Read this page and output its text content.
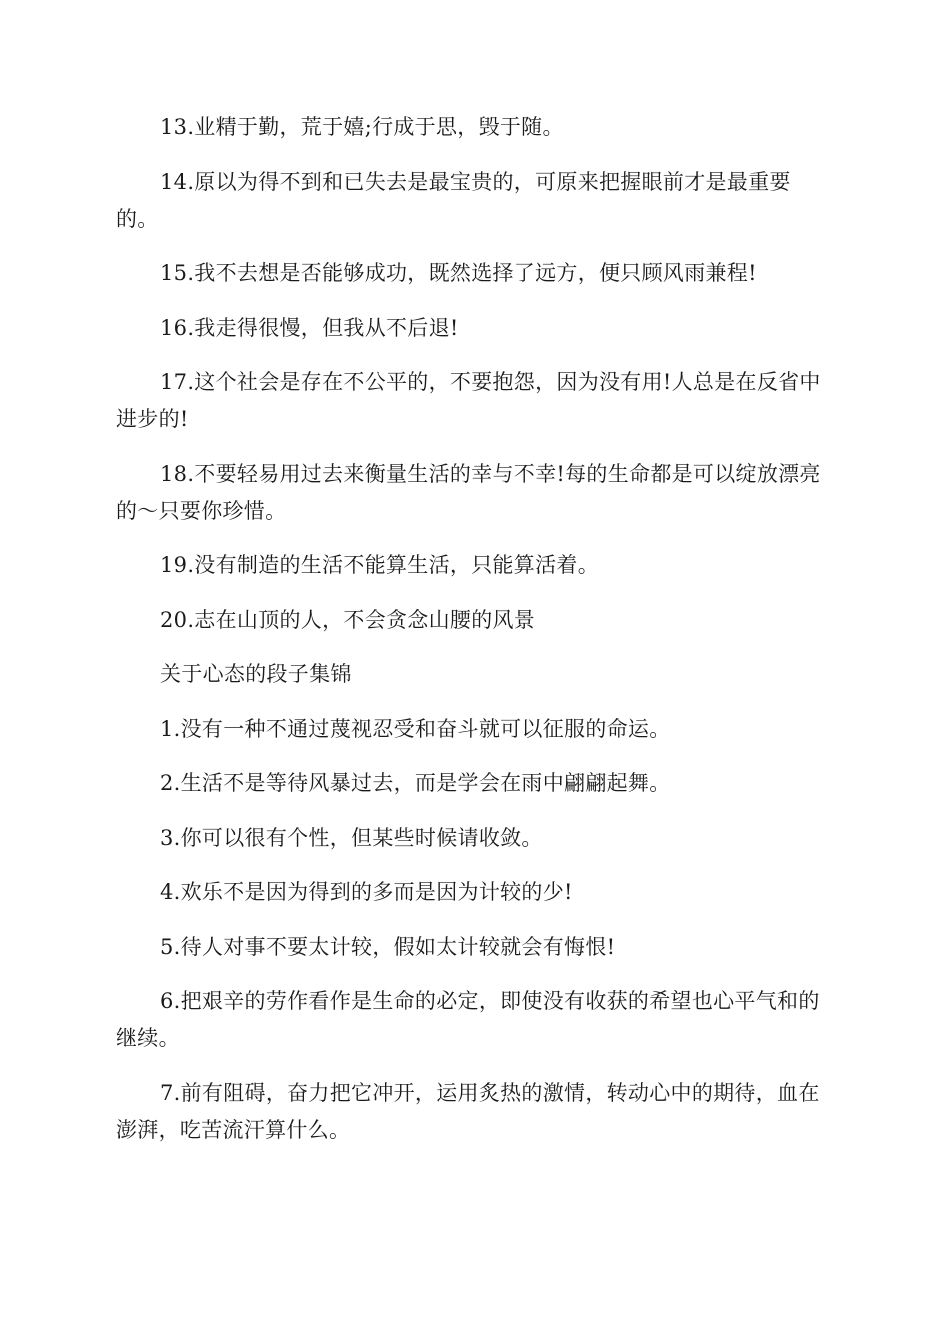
13.业精于勤，荒于嬉;行成于思，毁于随。

14.原以为得不到和已失去是最宝贵的，可原来把握眼前才是最重要的。

15.我不去想是否能够成功，既然选择了远方，便只顾风雨兼程!

16.我走得很慢，但我从不后退!

17.这个社会是存在不公平的，不要抱怨，因为没有用!人总是在反省中进步的!

18.不要轻易用过去来衡量生活的幸与不幸!每的生命都是可以绽放漂亮的～只要你珍惜。

19.没有制造的生活不能算生活，只能算活着。

20.志在山顶的人，不会贪念山腰的风景

关于心态的段子集锦

1.没有一种不通过蔑视忍受和奋斗就可以征服的命运。

2.生活不是等待风暴过去，而是学会在雨中翩翩起舞。

3.你可以很有个性，但某些时候请收敛。

4.欢乐不是因为得到的多而是因为计较的少!

5.待人对事不要太计较，假如太计较就会有悔恨!

6.把艰辛的劳作看作是生命的必定，即使没有收获的希望也心平气和的继续。

7.前有阻碍，奋力把它冲开，运用炙热的激情，转动心中的期待，血在澎湃，吃苦流汗算什么。
